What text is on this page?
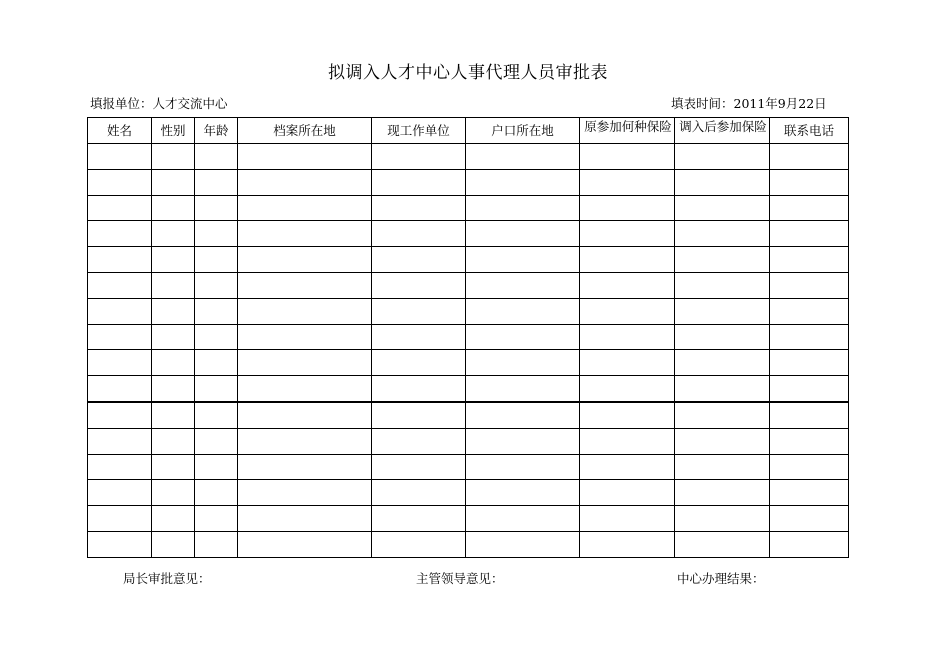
拟调入人才中心人事代理人员审批表
填报单位：人才交流中心	填表时间：2011年9月22日
姓名	性别	年龄	档案所在地	现工作单位	户口所在地	原参加何种保险	调入后参加保险	联系电话

局长审批意见：	主管领导意见：	中心办理结果：
